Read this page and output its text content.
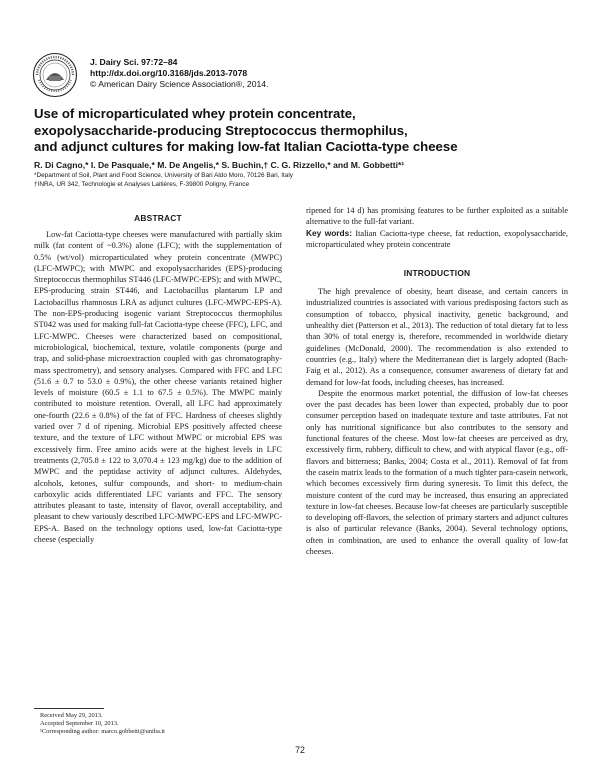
J. Dairy Sci. 97:72–84
http://dx.doi.org/10.3168/jds.2013-7078
© American Dairy Science Association®, 2014.
Use of microparticulated whey protein concentrate,
exopolysaccharide-producing Streptococcus thermophilus,
and adjunct cultures for making low-fat Italian Caciotta-type cheese
R. Di Cagno,* I. De Pasquale,* M. De Angelis,* S. Buchin,† C. G. Rizzello,* and M. Gobbetti*¹
*Department of Soil, Plant and Food Science, University of Bari Aldo Moro, 70126 Bari, Italy
†INRA, UR 342, Technologie et Analyses Laitières, F-39800 Poligny, France
ABSTRACT

Low-fat Caciotta-type cheeses were manufactured with partially skim milk (fat content of ~0.3%) alone (LFC); with the supplementation of 0.5% (wt/vol) microparticulated whey protein concentrate (MWPC) (LFC-MWPC); with MWPC and exopolysaccharides (EPS)-producing Streptococcus thermophilus ST446 (LFC-MWPC-EPS); and with MWPC, EPS-producing strain ST446, and Lactobacillus plantarum LP and Lactobacillus rhamnosus LRA as adjunct cultures (LFC-MWPC-EPS-A). The non-EPS-producing isogenic variant Streptococcus thermophilus ST042 was used for making full-fat Caciotta-type cheese (FFC), LFC, and LFC-MWPC. Cheeses were characterized based on compositional, microbiological, biochemical, texture, volatile components (purge and trap, and solid-phase microextraction coupled with gas chromatography-mass spectrometry), and sensory analyses. Compared with FFC and LFC (51.6 ± 0.7 to 53.0 ± 0.9%), the other cheese variants retained higher levels of moisture (60.5 ± 1.1 to 67.5 ± 0.5%). The MWPC mainly contributed to moisture retention. Overall, all LFC had approximately one-fourth (22.6 ± 0.8%) of the fat of FFC. Hardness of cheeses slightly varied over 7 d of ripening. Microbial EPS positively affected cheese texture, and the texture of LFC without MWPC or microbial EPS was excessively firm. Free amino acids were at the highest levels in LFC treatments (2,705.8 ± 122 to 3,070.4 ± 123 mg/kg) due to the addition of MWPC and the peptidase activity of adjunct cultures. Aldehydes, alcohols, ketones, sulfur compounds, and short- to medium-chain carboxylic acids differentiated LFC variants and FFC. The sensory attributes pleasant to taste, intensity of flavor, overall acceptability, and pleasant to chew variously described LFC-MWPC-EPS and LFC-MWPC-EPS-A. Based on the technology options used, low-fat Caciotta-type cheese (especially

ripened for 14 d) has promising features to be further exploited as a suitable alternative to the full-fat variant.

Key words: Italian Caciotta-type cheese, fat reduction, exopolysaccharide, microparticulated whey protein concentrate

INTRODUCTION

The high prevalence of obesity, heart disease, and certain cancers in industrialized countries is associated with various predisposing factors such as consumption of tobacco, physical inactivity, genetic background, and unhealthy diet (Patterson et al., 2013). The reduction of total dietary fat to less than 30% of total energy is, therefore, recommended in worldwide dietary guidelines (McDonald, 2000). The recommendation is also extended to countries (e.g., Italy) where the Mediterranean diet is largely adopted (Bach-Faig et al., 2012). As a consequence, consumer awareness of dietary fat and demand for low-fat foods, including cheeses, has increased.

Despite the enormous market potential, the diffusion of low-fat cheeses over the past decades has been lower than expected, probably due to poor consumer perception based on inadequate texture and taste attributes. Fat not only has nutritional significance but also contributes to the sensory and functional features of the cheese. Most low-fat cheeses are perceived as dry, excessively firm, rubbery, difficult to chew, and with atypical flavor (e.g., off-flavors and bitterness; Banks, 2004; Costa et al., 2011). Removal of fat from the casein matrix leads to the formation of a much tighter para-casein network, which becomes excessively firm during syneresis. To limit this defect, the moisture content of the curd may be increased, thus ensuring an appreciated texture in low-fat cheeses. Because low-fat cheeses are particularly susceptible to developing off-flavors, the selection of primary starters and adjunct cultures is also of particular relevance (Banks, 2004). Several technology options, often in combination, are used to enhance the overall quality of low-fat cheeses.

Received May 29, 2013.
Accepted September 10, 2013.
¹Corresponding author: marco.gobbetti@uniba.it
72
